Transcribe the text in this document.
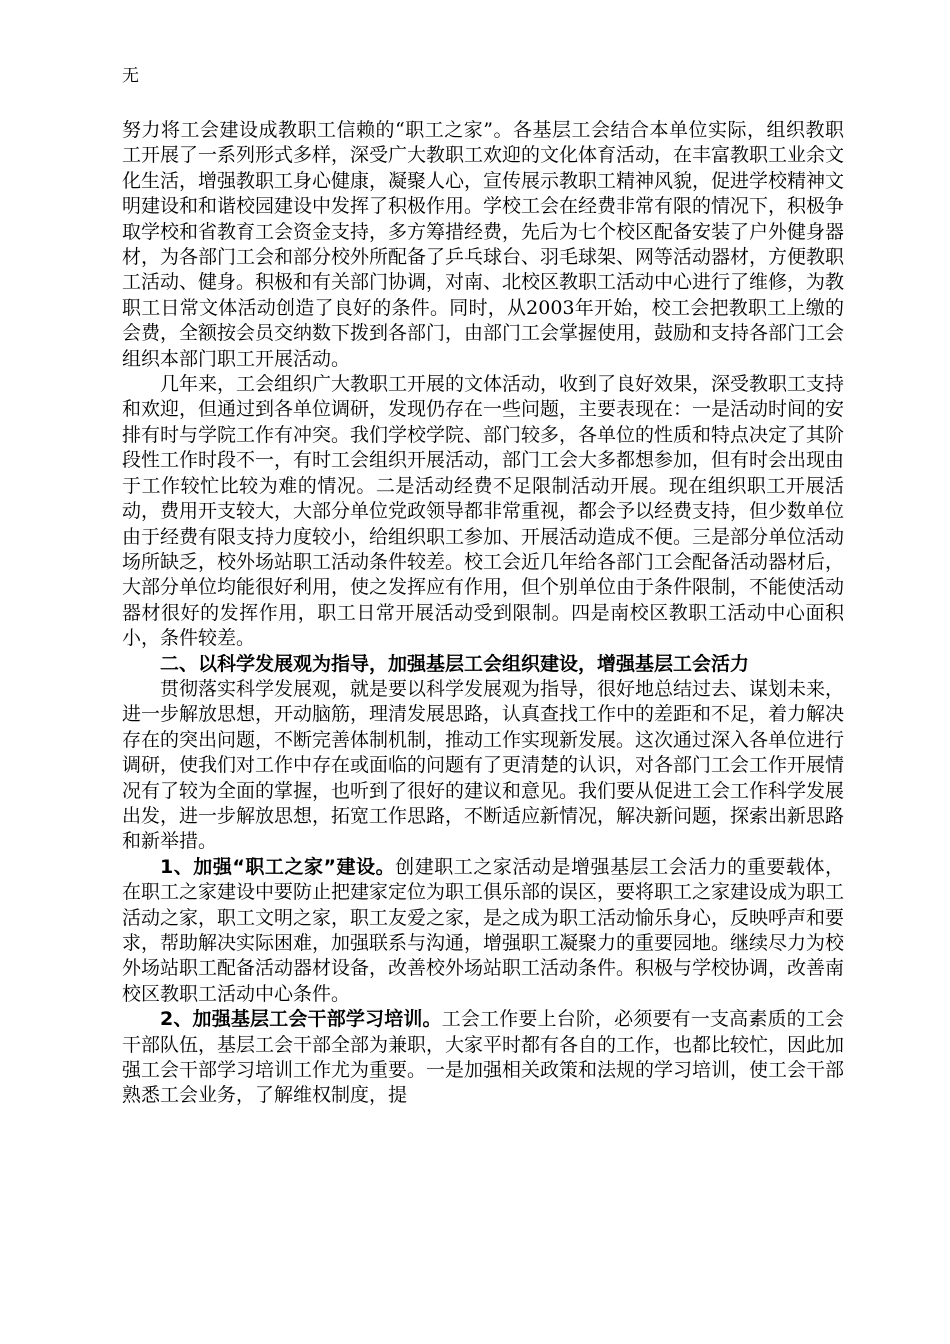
无

努力将工会建设成教职工信赖的“职工之家”。各基层工会结合本单位实际，组织教职工开展了一系列形式多样，深受广大教职工欢迎的文化体育活动，在丰富教职工业余文化生活，增强教职工身心健康，凝聚人心，宣传展示教职工精神风貌，促进学校精神文明建设和和谐校园建设中发挥了积极作用。学校工会在经费非常有限的情况下，积极争取学校和省教育工会资金支持，多方筹措经费，先后为七个校区配备安装了户外健身器材，为各部门工会和部分校外所配备了乒乓球台、羽毛球架、网等活动器材，方便教职工活动、健身。积极和有关部门协调，对南、北校区教职工活动中心进行了维修，为教职工日常文体活动创造了良好的条件。同时，从2003年开始，校工会把教职工上缴的会费，全额按会员交纳数下拨到各部门，由部门工会掌握使用，鼓励和支持各部门工会组织本部门职工开展活动。

几年来，工会组织广大教职工开展的文体活动，收到了良好效果，深受教职工支持和欢迎，但通过到各单位调研，发现仍存在一些问题，主要表现在：一是活动时间的安排有时与学院工作有冲突。我们学校学院、部门较多，各单位的性质和特点决定了其阶段性工作时段不一，有时工会组织开展活动，部门工会大多都想参加，但有时会出现由于工作较忙比较为难的情况。二是活动经费不足限制活动开展。现在组织职工开展活动，费用开支较大，大部分单位党政领导都非常重视，都会予以经费支持，但少数单位由于经费有限支持力度较小，给组织职工参加、开展活动造成不便。三是部分单位活动场所缺乏，校外场站职工活动条件较差。校工会近几年给各部门工会配备活动器材后，大部分单位均能很好利用，使之发挥应有作用，但个别单位由于条件限制，不能使活动器材很好的发挥作用，职工日常开展活动受到限制。四是南校区教职工活动中心面积小，条件较差。

二、以科学发展观为指导，加强基层工会组织建设，增强基层工会活力

贯彻落实科学发展观，就是要以科学发展观为指导，很好地总结过去、谋划未来，进一步解放思想，开动脑筋，理清发展思路，认真查找工作中的差距和不足，着力解决存在的突出问题，不断完善体制机制，推动工作实现新发展。这次通过深入各单位进行调研，使我们对工作中存在或面临的问题有了更清楚的认识，对各部门工会工作开展情况有了较为全面的掌握，也听到了很好的建议和意见。我们要从促进工会工作科学发展出发，进一步解放思想，拓宽工作思路，不断适应新情况，解决新问题，探索出新思路和新举措。

1、加强“职工之家”建设。创建职工之家活动是增强基层工会活力的重要载体，在职工之家建设中要防止把建家定位为职工俱乐部的误区，要将职工之家建设成为职工活动之家，职工文明之家，职工友爱之家，是之成为职工活动愉乐身心，反映呼声和要求，帮助解决实际困难，加强联系与沟通，增强职工凝聚力的重要园地。继续尽力为校外场站职工配备活动器材设备，改善校外场站职工活动条件。积极与学校协调，改善南校区教职工活动中心条件。

2、加强基层工会干部学习培训。工会工作要上台阶，必须要有一支高素质的工会干部队伍，基层工会干部全部为兼职，大家平时都有各自的工作，也都比较忙，因此加强工会干部学习培训工作尤为重要。一是加强相关政策和法规的学习培训，使工会干部熟悉工会业务，了解维权制度，提
